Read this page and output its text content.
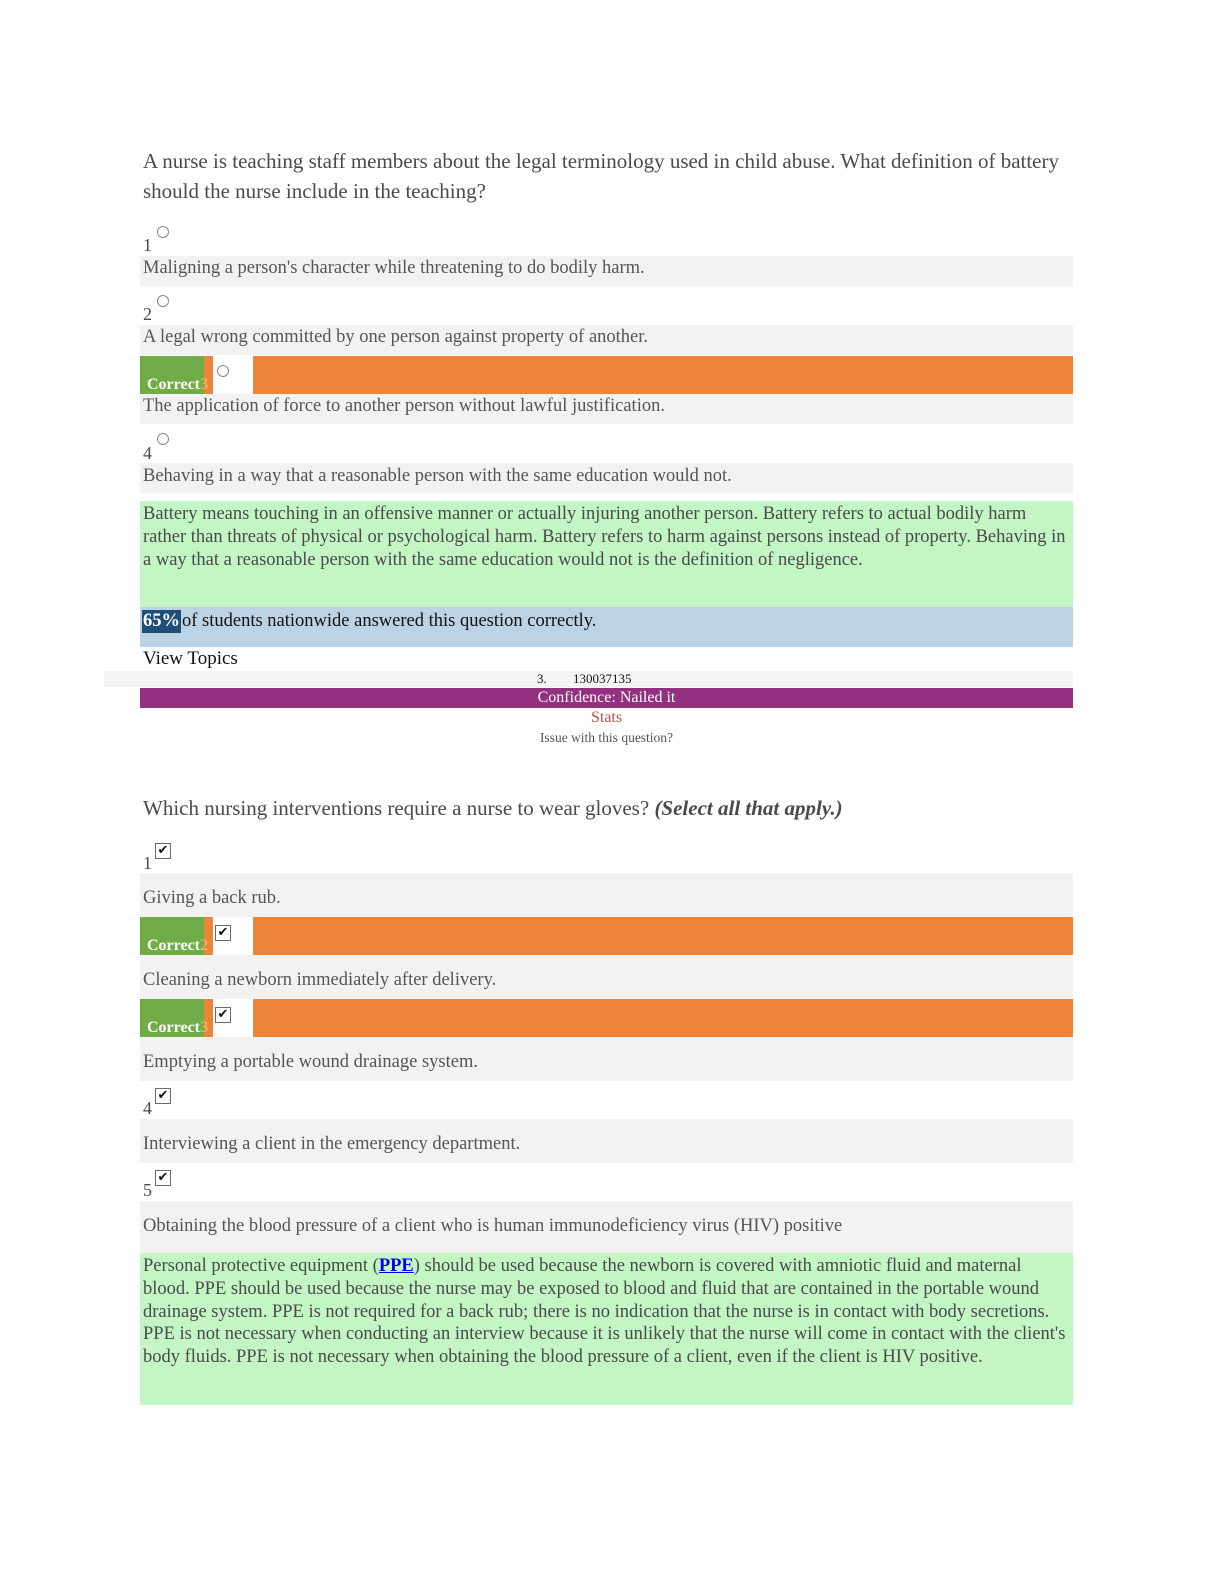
A nurse is teaching staff members about the legal terminology used in child abuse. What definition of battery should the nurse include in the teaching?
1
Maligning a person's character while threatening to do bodily harm.
2
A legal wrong committed by one person against property of another.
Correct3
The application of force to another person without lawful justification.
4
Behaving in a way that a reasonable person with the same education would not.
Battery means touching in an offensive manner or actually injuring another person. Battery refers to actual bodily harm rather than threats of physical or psychological harm. Battery refers to harm against persons instead of property. Behaving in a way that a reasonable person with the same education would not is the definition of negligence.
65% of students nationwide answered this question correctly.
View Topics
3. 130037135
Confidence: Nailed it
Stats
Issue with this question?
Which nursing interventions require a nurse to wear gloves? (Select all that apply.)
1
✔
Giving a back rub.
Correct2
✔
Cleaning a newborn immediately after delivery.
Correct3
✔
Emptying a portable wound drainage system.
4
✔
Interviewing a client in the emergency department.
5
✔
Obtaining the blood pressure of a client who is human immunodeficiency virus (HIV) positive
Personal protective equipment (PPE) should be used because the newborn is covered with amniotic fluid and maternal blood. PPE should be used because the nurse may be exposed to blood and fluid that are contained in the portable wound drainage system. PPE is not required for a back rub; there is no indication that the nurse is in contact with body secretions. PPE is not necessary when conducting an interview because it is unlikely that the nurse will come in contact with the client's body fluids. PPE is not necessary when obtaining the blood pressure of a client, even if the client is HIV positive.
